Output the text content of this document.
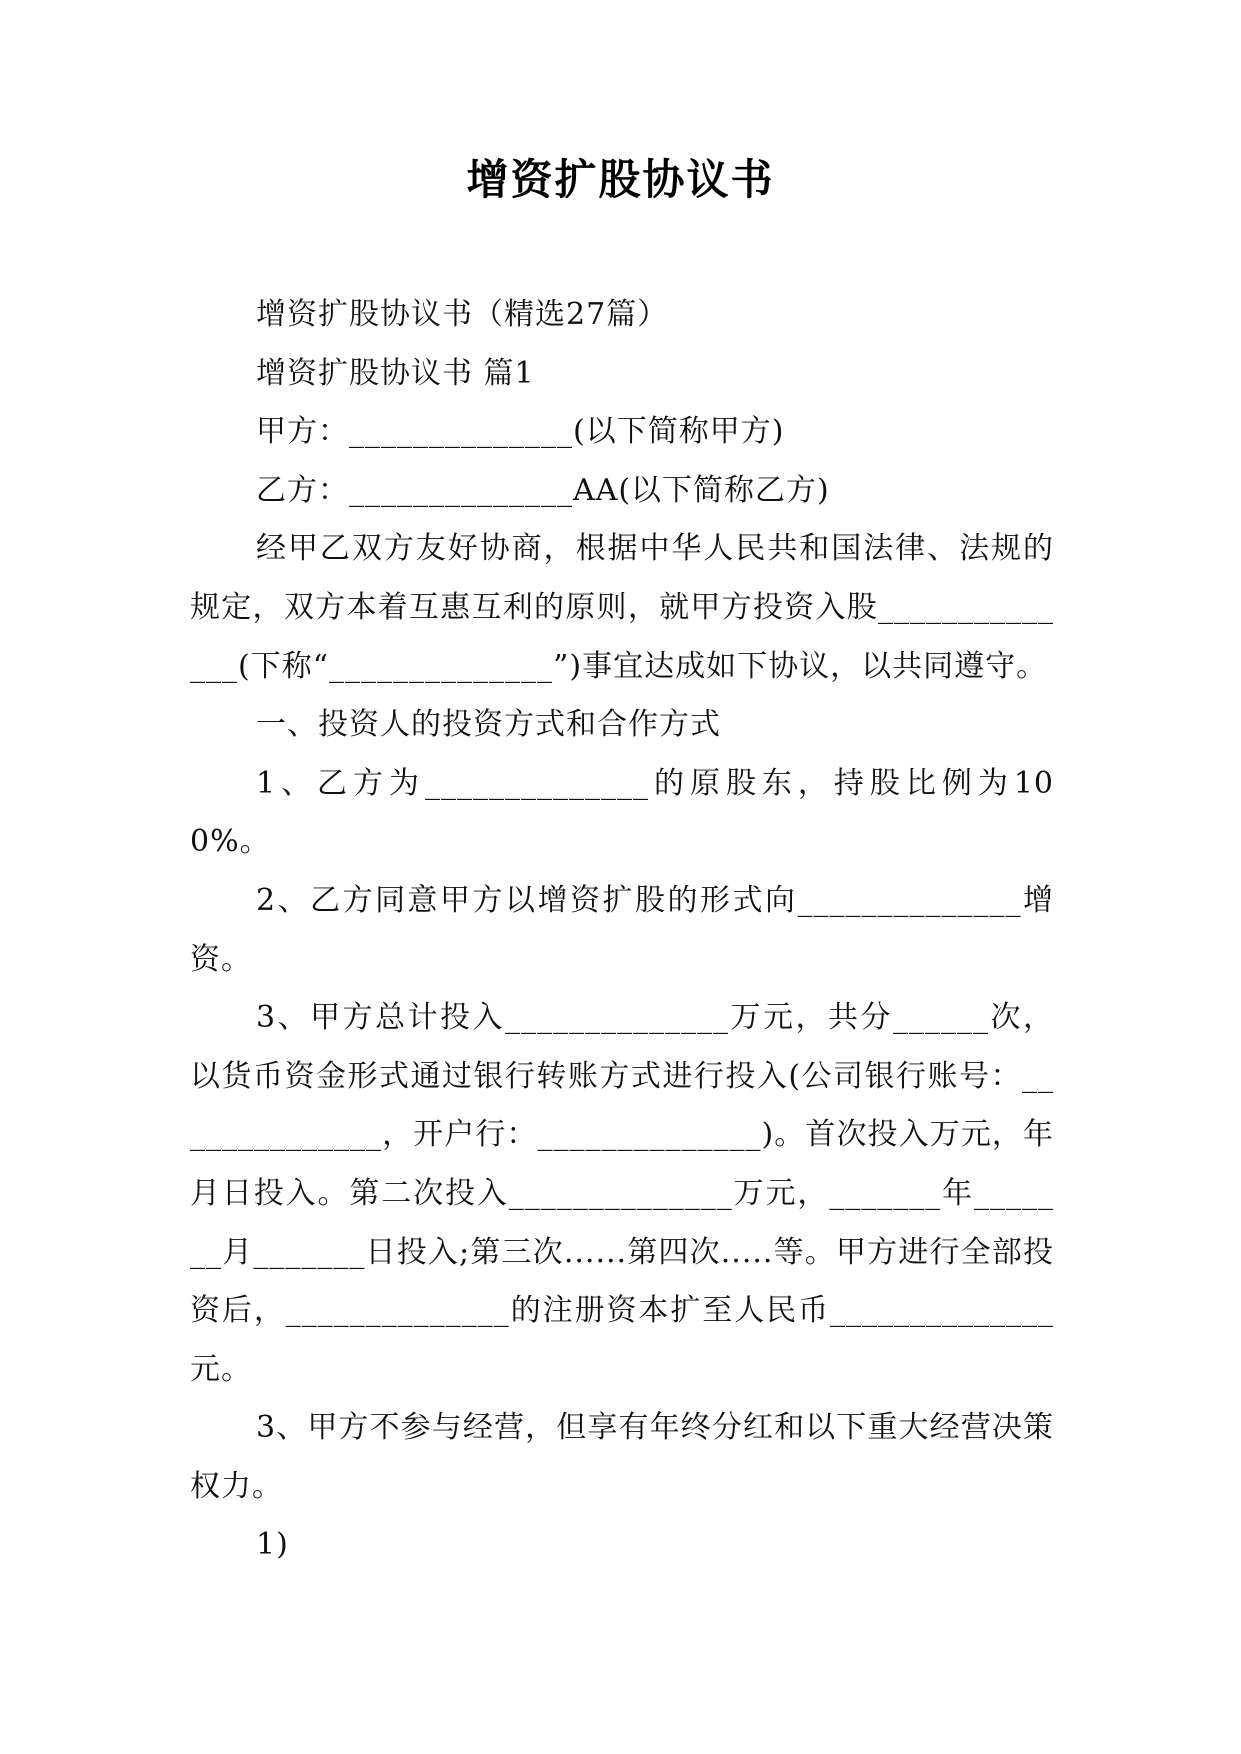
增资扩股协议书

增资扩股协议书（精选27篇）

增资扩股协议书 篇1

甲方：______________(以下简称甲方)

乙方：______________AA(以下简称乙方)

经甲乙双方友好协商，根据中华人民共和国法律、法规的规定，双方本着互惠互利的原则，就甲方投资入股______________(下称“______________”)事宜达成如下协议，以共同遵守。

一、投资人的投资方式和合作方式

1、乙方为______________的原股东，持股比例为100%。

2、乙方同意甲方以增资扩股的形式向______________增资。

3、甲方总计投入______________万元，共分______次，以货币资金形式通过银行转账方式进行投入(公司银行账号：______________，开户行：______________)。首次投入万元，年月日投入。第二次投入______________万元，_______年_______月_______日投入;第三次......第四次.....等。甲方进行全部投资后，______________的注册资本扩至人民币______________元。

3、甲方不参与经营，但享有年终分红和以下重大经营决策权力。

1)
